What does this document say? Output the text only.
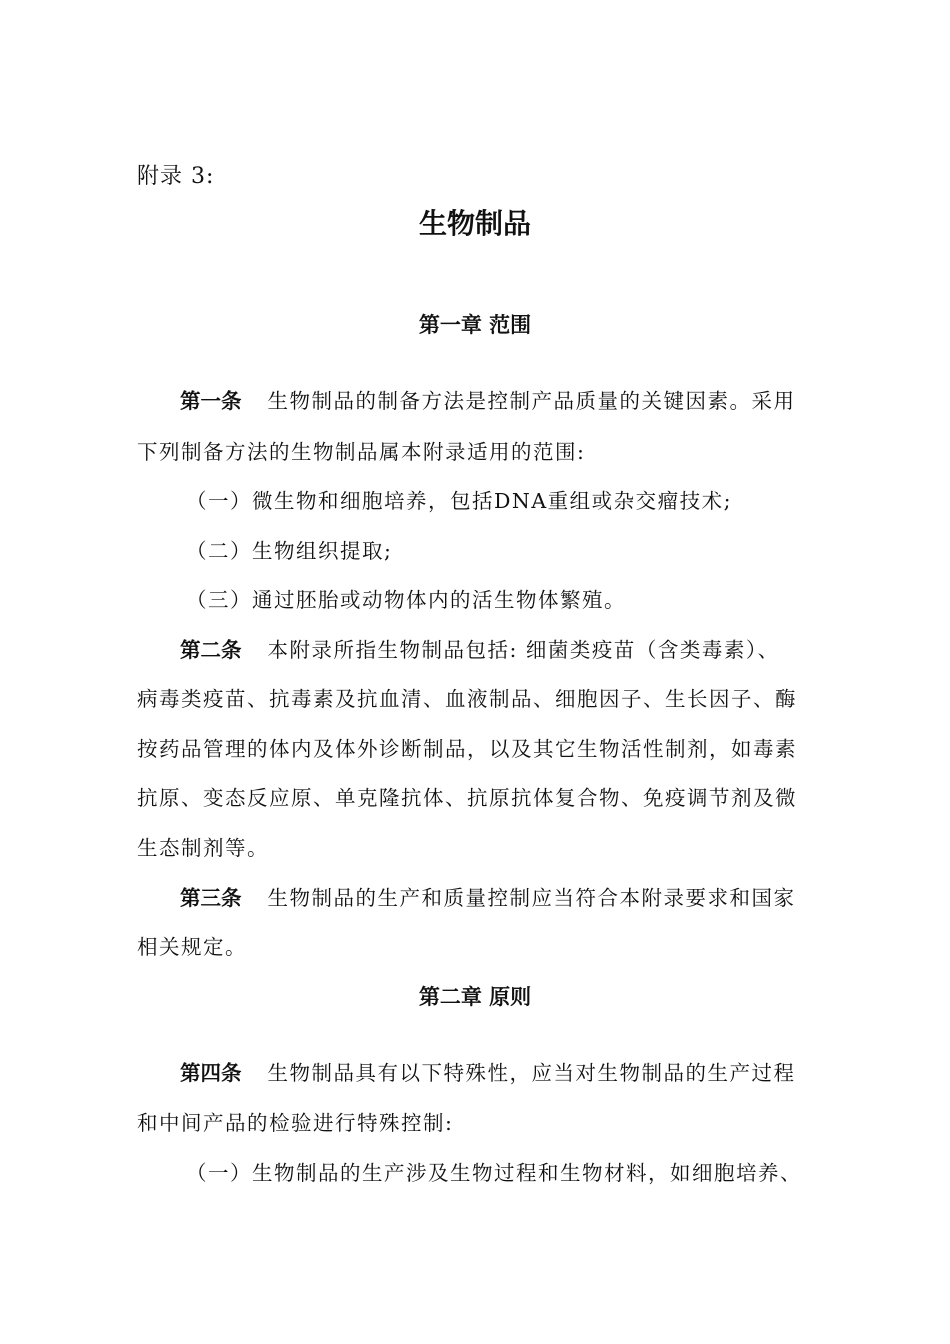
附录 3:
生物制品
第一章 范围
第一条 生物制品的制备方法是控制产品质量的关键因素。采用
下列制备方法的生物制品属本附录适用的范围:
（一）微生物和细胞培养，包括DNA重组或杂交瘤技术;
（二）生物组织提取;
（三）通过胚胎或动物体内的活生物体繁殖。
第二条 本附录所指生物制品包括: 细菌类疫苗（含类毒素）、
病毒类疫苗、抗毒素及抗血清、血液制品、细胞因子、生长因子、酶
按药品管理的体内及体外诊断制品，以及其它生物活性制剂，如毒素
抗原、变态反应原、单克隆抗体、抗原抗体复合物、免疫调节剂及微
生态制剂等。
第三条 生物制品的生产和质量控制应当符合本附录要求和国家
相关规定。
第二章 原则
第四条 生物制品具有以下特殊性，应当对生物制品的生产过程
和中间产品的检验进行特殊控制:
（一）生物制品的生产涉及生物过程和生物材料，如细胞培养、
